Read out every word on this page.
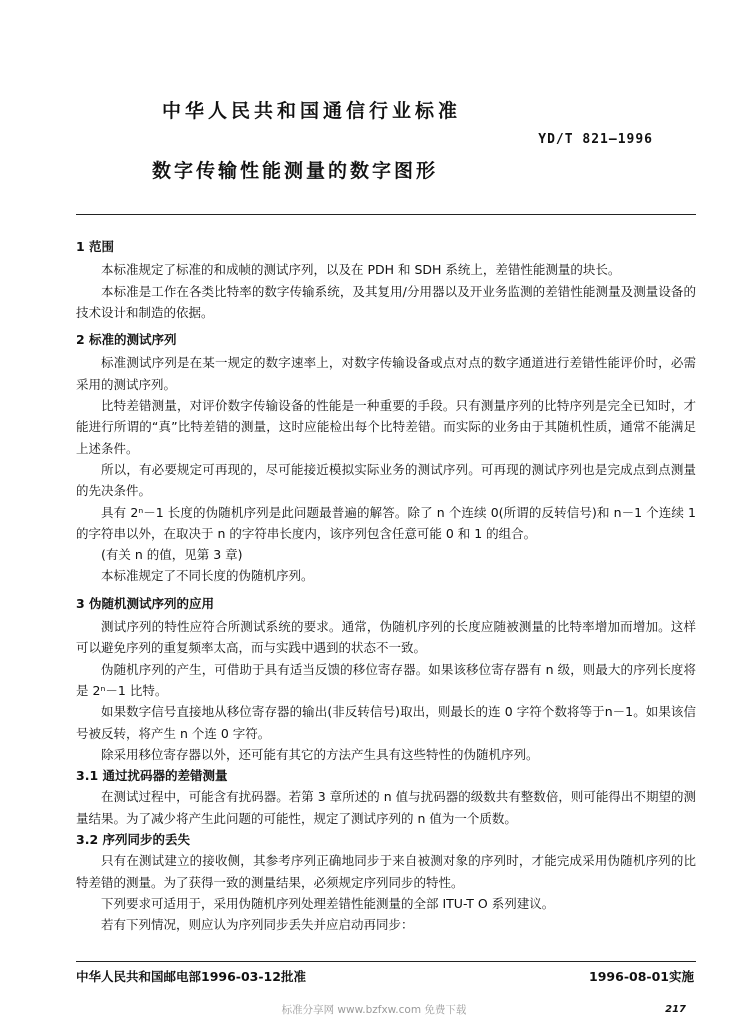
中华人民共和国通信行业标准
YD/T 821—1996
数字传输性能测量的数字图形
1 范围
本标准规定了标准的和成帧的测试序列，以及在 PDH 和 SDH 系统上，差错性能测量的块长。
本标准是工作在各类比特率的数字传输系统，及其复用/分用器以及开业务监测的差错性能测量及测量设备的技术设计和制造的依据。
2 标准的测试序列
标准测试序列是在某一规定的数字速率上，对数字传输设备或点对点的数字通道进行差错性能评价时，必需采用的测试序列。
比特差错测量，对评价数字传输设备的性能是一种重要的手段。只有测量序列的比特序列是完全已知时，才能进行所谓的“真”比特差错的测量，这时应能检出每个比特差错。而实际的业务由于其随机性质，通常不能满足上述条件。
所以，有必要规定可再现的，尽可能接近模拟实际业务的测试序列。可再现的测试序列也是完成点到点测量的先决条件。
具有 2ⁿ－1 长度的伪随机序列是此问题最普遍的解答。除了 n 个连续 0(所谓的反转信号)和 n－1 个连续 1 的字符串以外，在取决于 n 的字符串长度内，该序列包含任意可能 0 和 1 的组合。
(有关 n 的值，见第 3 章)
本标准规定了不同长度的伪随机序列。
3 伪随机测试序列的应用
测试序列的特性应符合所测试系统的要求。通常，伪随机序列的长度应随被测量的比特率增加而增加。这样可以避免序列的重复频率太高，而与实践中遇到的状态不一致。
伪随机序列的产生，可借助于具有适当反馈的移位寄存器。如果该移位寄存器有 n 级，则最大的序列长度将是 2ⁿ－1 比特。
如果数字信号直接地从移位寄存器的输出(非反转信号)取出，则最长的连 0 字符个数将等于n－1。如果该信号被反转，将产生 n 个连 0 字符。
除采用移位寄存器以外，还可能有其它的方法产生具有这些特性的伪随机序列。
3.1 通过扰码器的差错测量
在测试过程中，可能含有扰码器。若第 3 章所述的 n 值与扰码器的级数共有整数倍，则可能得出不期望的测量结果。为了减少将产生此问题的可能性，规定了测试序列的 n 值为一个质数。
3.2 序列同步的丢失
只有在测试建立的接收侧，其参考序列正确地同步于来自被测对象的序列时，才能完成采用伪随机序列的比特差错的测量。为了获得一致的测量结果，必须规定序列同步的特性。
下列要求可适用于，采用伪随机序列处理差错性能测量的全部 ITU-T O 系列建议。
若有下列情况，则应认为序列同步丢失并应启动再同步：
中华人民共和国邮电部1996-03-12批准	1996-08-01实施
标准分享网 www.bzfxw.com 免费下载	217
